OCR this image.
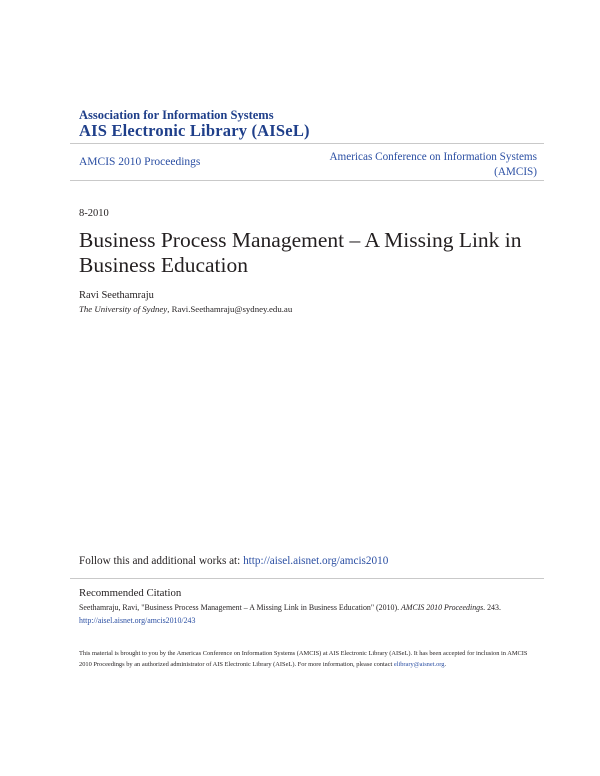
Association for Information Systems
AIS Electronic Library (AISeL)
AMCIS 2010 Proceedings	Americas Conference on Information Systems
(AMCIS)
8-2010
Business Process Management – A Missing Link in Business Education
Ravi Seethamraju
The University of Sydney, Ravi.Seethamraju@sydney.edu.au
Follow this and additional works at: http://aisel.aisnet.org/amcis2010
Recommended Citation
Seethamraju, Ravi, "Business Process Management – A Missing Link in Business Education" (2010). AMCIS 2010 Proceedings. 243.
http://aisel.aisnet.org/amcis2010/243
This material is brought to you by the Americas Conference on Information Systems (AMCIS) at AIS Electronic Library (AISeL). It has been accepted for inclusion in AMCIS 2010 Proceedings by an authorized administrator of AIS Electronic Library (AISeL). For more information, please contact elibrary@aisnet.org.
